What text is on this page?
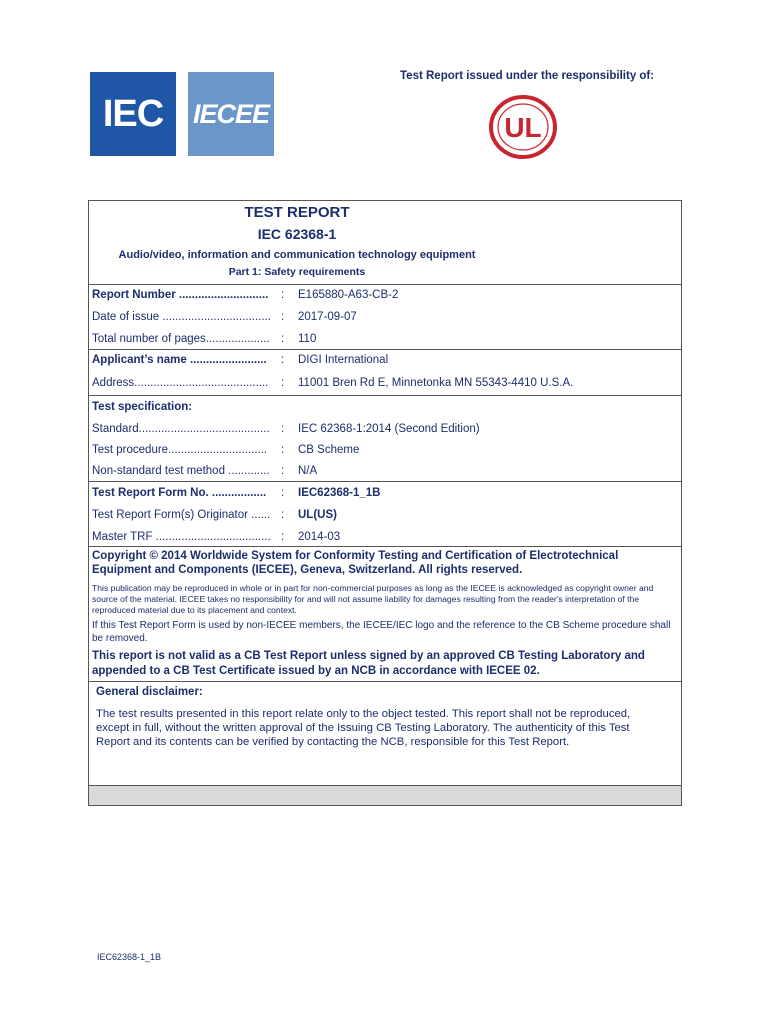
IEC IECEE
Test Report issued under the responsibility of:
UL
TEST REPORT
IEC 62368-1
Audio/video, information and communication technology equipment
Part 1: Safety requirements
Report Number ............................ : E165880-A63-CB-2
Date of issue .................................. : 2017-09-07
Total number of pages.................... : 110
Applicant’s name ........................ : DIGI International
Address.......................................... : 11001 Bren Rd E, Minnetonka MN 55343-4410 U.S.A.
Test specification:
Standard......................................... : IEC 62368-1:2014 (Second Edition)
Test procedure............................... : CB Scheme
Non-standard test method ............. : N/A
Test Report Form No. ................. : IEC62368-1_1B
Test Report Form(s) Originator ...... : UL(US)
Master TRF .................................... : 2014-03
Copyright © 2014 Worldwide System for Conformity Testing and Certification of Electrotechnical Equipment and Components (IECEE), Geneva, Switzerland. All rights reserved.
This publication may be reproduced in whole or in part for non-commercial purposes as long as the IECEE is acknowledged as copyright owner and source of the material. IECEE takes no responsibility for and will not assume liability for damages resulting from the reader's interpretation of the reproduced material due to its placement and context.
If this Test Report Form is used by non-IECEE members, the IECEE/IEC logo and the reference to the CB Scheme procedure shall be removed.
This report is not valid as a CB Test Report unless signed by an approved CB Testing Laboratory and appended to a CB Test Certificate issued by an NCB in accordance with IECEE 02.
General disclaimer:
The test results presented in this report relate only to the object tested. This report shall not be reproduced, except in full, without the written approval of the Issuing CB Testing Laboratory. The authenticity of this Test Report and its contents can be verified by contacting the NCB, responsible for this Test Report.
IEC62368-1_1B
